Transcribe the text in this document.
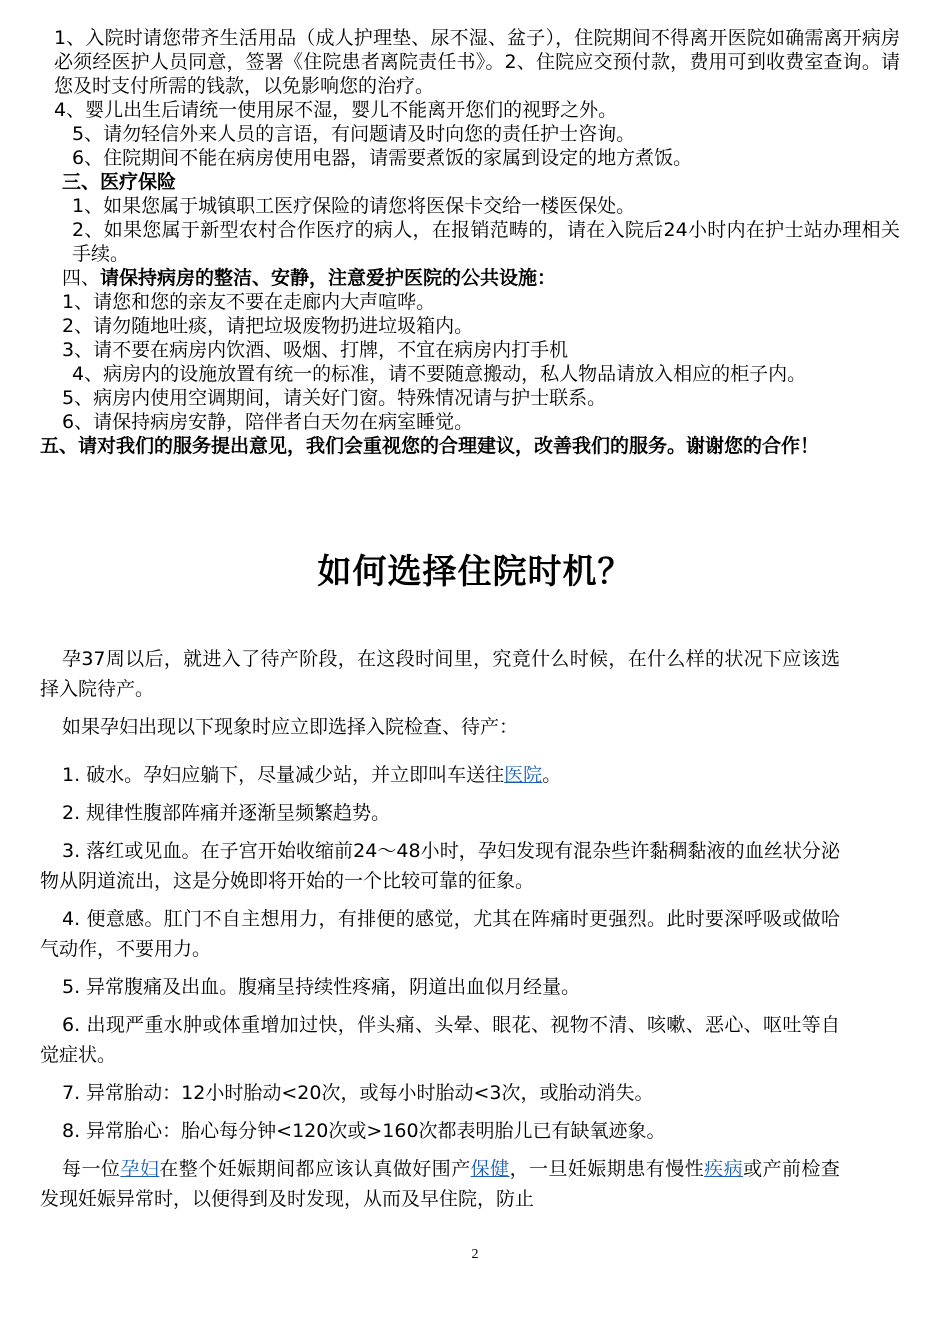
1、入院时请您带齐生活用品（成人护理垫、尿不湿、盆子），住院期间不得离开医院如确需离开病房必须经医护人员同意，签署《住院患者离院责任书》。2、住院应交预付款，费用可到收费室查询。请您及时支付所需的钱款，以免影响您的治疗。

4、婴儿出生后请统一使用尿不湿，婴儿不能离开您们的视野之外。

5、请勿轻信外来人员的言语，有问题请及时向您的责任护士咨询。

6、住院期间不能在病房使用电器，请需要煮饭的家属到设定的地方煮饭。

三、医疗保险

1、如果您属于城镇职工医疗保险的请您将医保卡交给一楼医保处。

2、如果您属于新型农村合作医疗的病人，在报销范畴的，请在入院后24小时内在护士站办理相关手续。

四、请保持病房的整洁、安静，注意爱护医院的公共设施：

1、请您和您的亲友不要在走廊内大声喧哗。

2、请勿随地吐痰，请把垃圾废物扔进垃圾箱内。

3、请不要在病房内饮酒、吸烟、打牌，不宜在病房内打手机

4、病房内的设施放置有统一的标准，请不要随意搬动，私人物品请放入相应的柜子内。

5、病房内使用空调期间，请关好门窗。特殊情况请与护士联系。

6、请保持病房安静，陪伴者白天勿在病室睡觉。

五、请对我们的服务提出意见，我们会重视您的合理建议，改善我们的服务。谢谢您的合作！

如何选择住院时机？

孕37周以后，就进入了待产阶段，在这段时间里，究竟什么时候，在什么样的状况下应该选择入院待产。

如果孕妇出现以下现象时应立即选择入院检查、待产：

1. 破水。孕妇应躺下，尽量减少站，并立即叫车送往医院。

2. 规律性腹部阵痛并逐渐呈频繁趋势。

3. 落红或见血。在子宫开始收缩前24～48小时，孕妇发现有混杂些许黏稠黏液的血丝状分泌物从阴道流出，这是分娩即将开始的一个比较可靠的征象。

4. 便意感。肛门不自主想用力，有排便的感觉，尤其在阵痛时更强烈。此时要深呼吸或做哈气动作，不要用力。

5. 异常腹痛及出血。腹痛呈持续性疼痛，阴道出血似月经量。

6. 出现严重水肿或体重增加过快，伴头痛、头晕、眼花、视物不清、咳嗽、恶心、呕吐等自觉症状。

7. 异常胎动：12小时胎动<20次，或每小时胎动<3次，或胎动消失。

8. 异常胎心：胎心每分钟<120次或>160次都表明胎儿已有缺氧迹象。

每一位孕妇在整个妊娠期间都应该认真做好围产保健，一旦妊娠期患有慢性疾病或产前检查发现妊娠异常时，以便得到及时发现，从而及早住院，防止

2
